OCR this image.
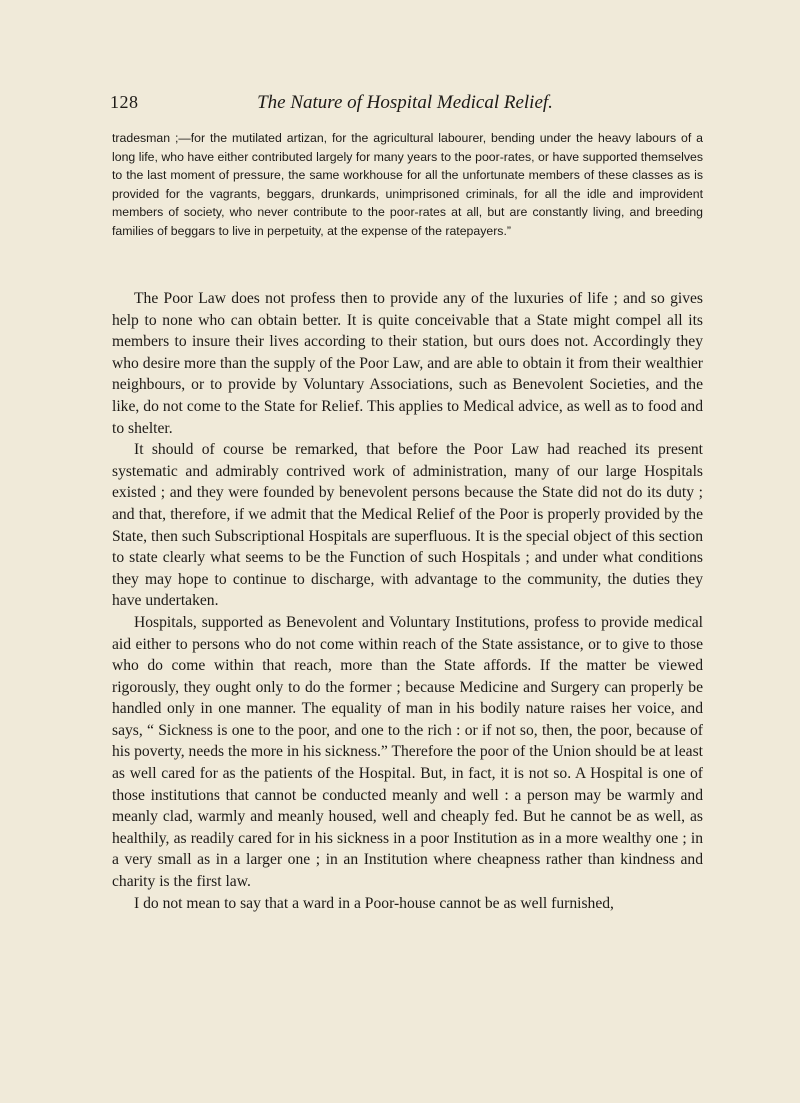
128	The Nature of Hospital Medical Relief.

tradesman ;—for the mutilated artizan, for the agricultural labourer, bending under the heavy labours of a long life, who have either contributed largely for many years to the poor-rates, or have supported themselves to the last moment of pressure, the same workhouse for all the unfortunate members of these classes as is provided for the vagrants, beggars, drunkards, unimprisoned criminals, for all the idle and improvident members of society, who never contribute to the poor-rates at all, but are constantly living, and breeding families of beggars to live in perpetuity, at the expense of the ratepayers.”

The Poor Law does not profess then to provide any of the luxuries of life ; and so gives help to none who can obtain better. It is quite conceivable that a State might compel all its members to insure their lives according to their station, but ours does not. Accordingly they who desire more than the supply of the Poor Law, and are able to obtain it from their wealthier neighbours, or to provide by Voluntary Associations, such as Benevolent Societies, and the like, do not come to the State for Relief. This applies to Medical advice, as well as to food and to shelter.

It should of course be remarked, that before the Poor Law had reached its present systematic and admirably contrived work of administration, many of our large Hospitals existed ; and they were founded by benevolent persons because the State did not do its duty ; and that, therefore, if we admit that the Medical Relief of the Poor is properly provided by the State, then such Subscriptional Hospitals are superfluous. It is the special object of this section to state clearly what seems to be the Function of such Hospitals ; and under what conditions they may hope to continue to discharge, with advantage to the community, the duties they have undertaken.

Hospitals, supported as Benevolent and Voluntary Institutions, profess to provide medical aid either to persons who do not come within reach of the State assistance, or to give to those who do come within that reach, more than the State affords. If the matter be viewed rigorously, they ought only to do the former ; because Medicine and Surgery can properly be handled only in one manner. The equality of man in his bodily nature raises her voice, and says, “ Sickness is one to the poor, and one to the rich : or if not so, then, the poor, because of his poverty, needs the more in his sickness.” Therefore the poor of the Union should be at least as well cared for as the patients of the Hospital. But, in fact, it is not so. A Hospital is one of those institutions that cannot be conducted meanly and well : a person may be warmly and meanly clad, warmly and meanly housed, well and cheaply fed. But he cannot be as well, as healthily, as readily cared for in his sickness in a poor Institution as in a more wealthy one ; in a very small as in a larger one ; in an Institution where cheapness rather than kindness and charity is the first law.

I do not mean to say that a ward in a Poor-house cannot be as well furnished,
